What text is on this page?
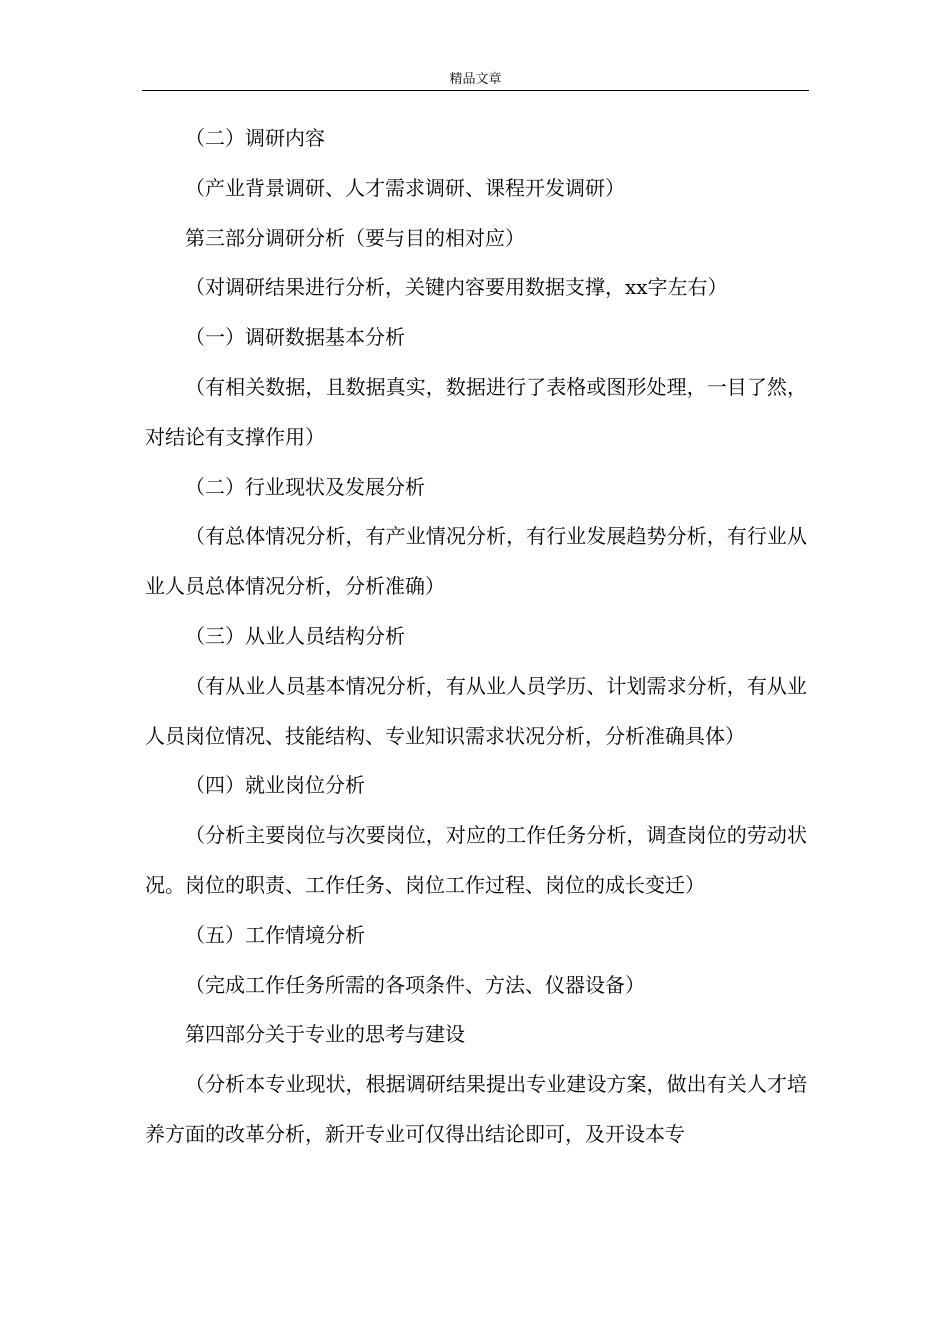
精品文章

（二）调研内容

（产业背景调研、人才需求调研、课程开发调研）

第三部分调研分析（要与目的相对应）

（对调研结果进行分析，关键内容要用数据支撑，xx字左右）

（一）调研数据基本分析

（有相关数据，且数据真实，数据进行了表格或图形处理，一目了然，对结论有支撑作用）

（二）行业现状及发展分析

（有总体情况分析，有产业情况分析，有行业发展趋势分析，有行业从业人员总体情况分析，分析准确）

（三）从业人员结构分析

（有从业人员基本情况分析，有从业人员学历、计划需求分析，有从业人员岗位情况、技能结构、专业知识需求状况分析，分析准确具体）

（四）就业岗位分析

（分析主要岗位与次要岗位，对应的工作任务分析，调查岗位的劳动状况。岗位的职责、工作任务、岗位工作过程、岗位的成长变迁）

（五）工作情境分析

（完成工作任务所需的各项条件、方法、仪器设备）

第四部分关于专业的思考与建设

（分析本专业现状，根据调研结果提出专业建设方案，做出有关人才培养方面的改革分析，新开专业可仅得出结论即可，及开设本专
